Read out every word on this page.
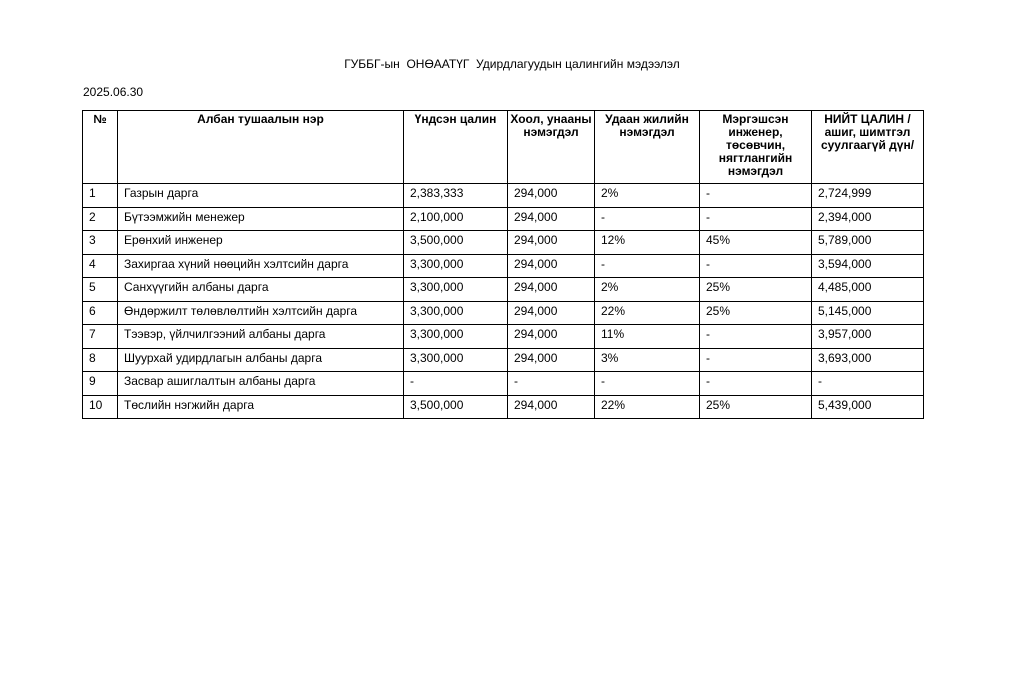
ГУББГ-ын  ОНӨААТҮГ  Удирдлагуудын цалингийн мэдээлэл
2025.06.30
№	Албан тушаалын нэр	Үндсэн цалин	Хоол, унааны нэмэгдэл	Удаан жилийн нэмэгдэл	Мэргэшсэн инженер, төсөвчин, нягтлангийн нэмэгдэл	НИЙТ ЦАЛИН /ашиг, шимтгэл суулгаагүй дүн/
1	Газрын дарга	2,383,333	294,000	2%	-	2,724,999
2	Бүтээмжийн менежер	2,100,000	294,000	-	-	2,394,000
3	Ерөнхий инженер	3,500,000	294,000	12%	45%	5,789,000
4	Захиргаа хүний нөөцийн хэлтсийн дарга	3,300,000	294,000	-	-	3,594,000
5	Санхүүгийн албаны дарга	3,300,000	294,000	2%	25%	4,485,000
6	Өндөржилт төлөвлөлтийн хэлтсийн дарга	3,300,000	294,000	22%	25%	5,145,000
7	Тээвэр, үйлчилгээний албаны дарга	3,300,000	294,000	11%	-	3,957,000
8	Шуурхай удирдлагын албаны дарга	3,300,000	294,000	3%	-	3,693,000
9	Засвар ашиглалтын албаны дарга	-	-	-	-	-
10	Төслийн нэгжийн дарга	3,500,000	294,000	22%	25%	5,439,000
